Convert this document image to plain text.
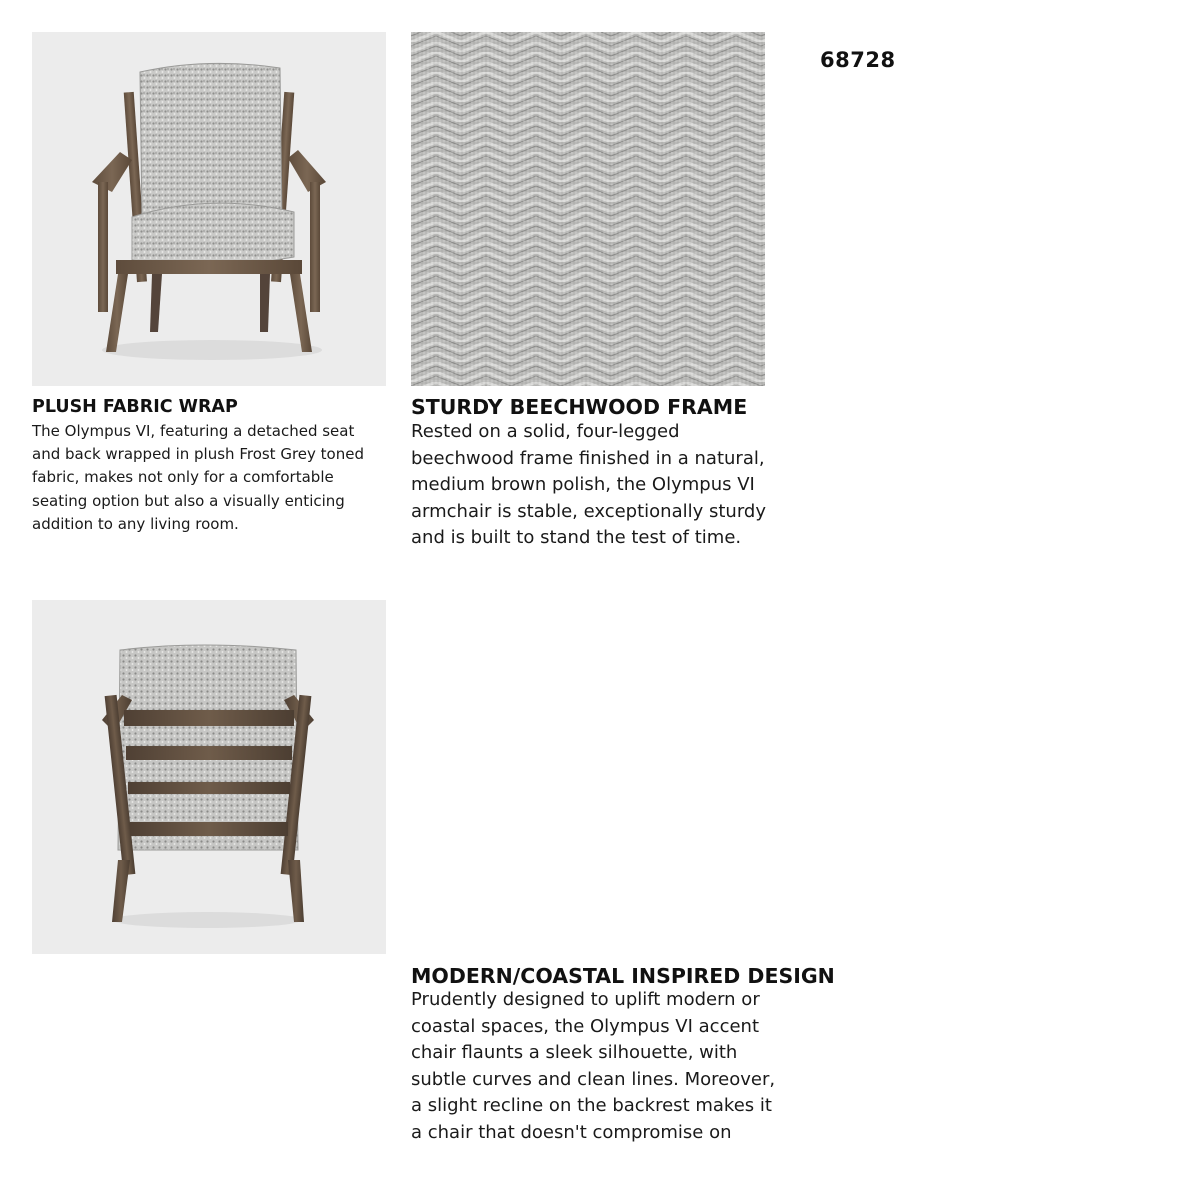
68728
PLUSH FABRIC WRAP
The Olympus VI, featuring a detached seat
and back wrapped in plush Frost Grey toned
fabric, makes not only for a comfortable
seating option but also a visually enticing
addition to any living room.
STURDY BEECHWOOD FRAME
Rested on a solid, four-legged
beechwood frame finished in a natural,
medium brown polish, the Olympus VI
armchair is stable, exceptionally sturdy
and is built to stand the test of time.
MODERN/COASTAL INSPIRED DESIGN
Prudently designed to uplift modern or
coastal spaces, the Olympus VI accent
chair flaunts a sleek silhouette, with
subtle curves and clean lines. Moreover,
a slight recline on the backrest makes it
a chair that doesn't compromise on
